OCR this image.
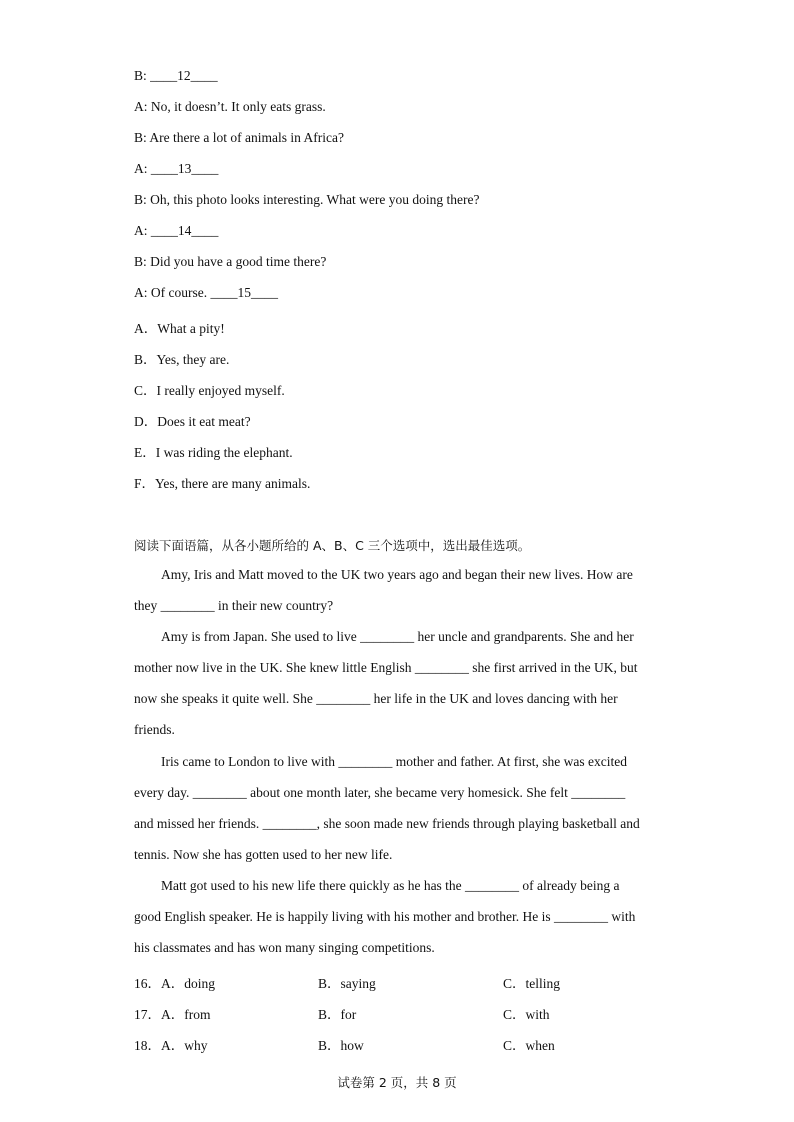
B: ____12____
A: No, it doesn’t. It only eats grass.
B: Are there a lot of animals in Africa?
A: ____13____
B: Oh, this photo looks interesting. What were you doing there?
A: ____14____
B: Did you have a good time there?
A: Of course. ____15____
A．What a pity!
B．Yes, they are.
C．I really enjoyed myself.
D．Does it eat meat?
E．I was riding the elephant.
F．Yes, there are many animals.
阅读下面语篇，从各小题所给的 A、B、C 三个选项中，选出最佳选项。
Amy, Iris and Matt moved to the UK two years ago and began their new lives. How are
they ________ in their new country?
Amy is from Japan. She used to live ________ her uncle and grandparents. She and her
mother now live in the UK. She knew little English ________ she first arrived in the UK, but
now she speaks it quite well. She ________ her life in the UK and loves dancing with her
friends.
Iris came to London to live with ________ mother and father. At first, she was excited
every day. ________ about one month later, she became very homesick. She felt ________
and missed her friends. ________, she soon made new friends through playing basketball and
tennis. Now she has gotten used to her new life.
Matt got used to his new life there quickly as he has the ________ of already being a
good English speaker. He is happily living with his mother and brother. He is ________ with
his classmates and has won many singing competitions.
16．A．doing	B．saying	C．telling
17．A．from	B．for	C．with
18．A．why	B．how	C．when
试卷第 2 页，共 8 页
